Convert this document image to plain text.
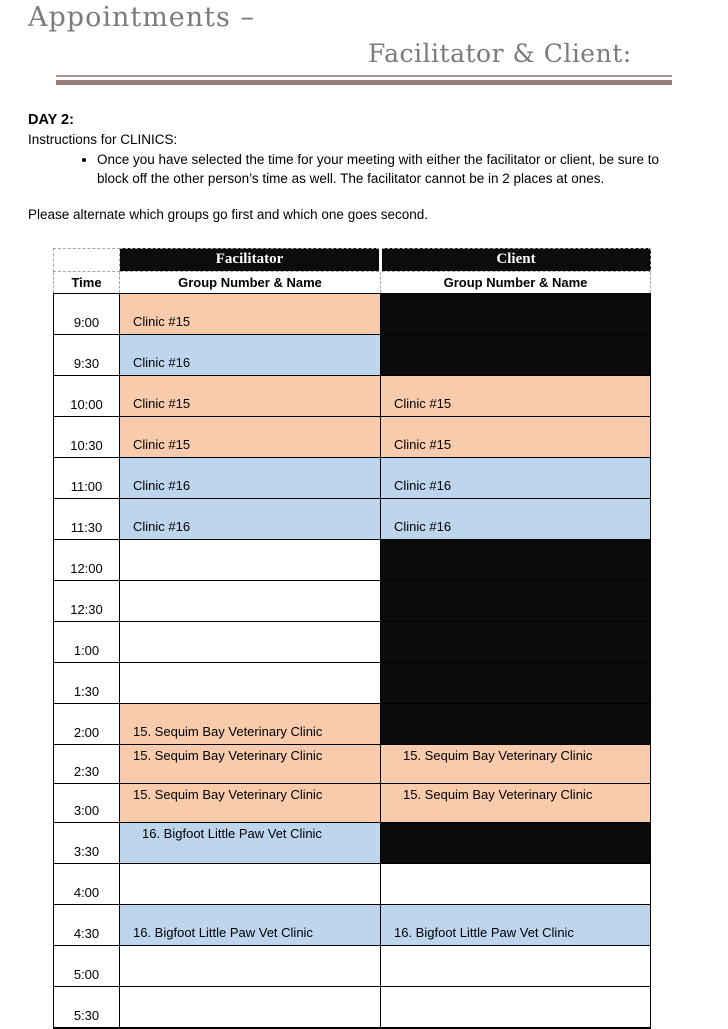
Appointments –
Facilitator & Client:

DAY 2:

Instructions for CLINICS:
• Once you have selected the time for your meeting with either the facilitator or client, be sure to block off the other person’s time as well. The facilitator cannot be in 2 places at ones.

Please alternate which groups go first and which one goes second.

	Facilitator	Client
Time	Group Number & Name	Group Number & Name
9:00	Clinic #15	
9:30	Clinic #16	
10:00	Clinic #15	Clinic #15
10:30	Clinic #15	Clinic #15
11:00	Clinic #16	Clinic #16
11:30	Clinic #16	Clinic #16
12:00		
12:30		
1:00		
1:30		
2:00	15. Sequim Bay Veterinary Clinic	
2:30	15. Sequim Bay Veterinary Clinic	15. Sequim Bay Veterinary Clinic
3:00	15. Sequim Bay Veterinary Clinic	15. Sequim Bay Veterinary Clinic
3:30	16. Bigfoot Little Paw Vet Clinic	
4:00		
4:30	16. Bigfoot Little Paw Vet Clinic	16. Bigfoot Little Paw Vet Clinic
5:00		
5:30		
